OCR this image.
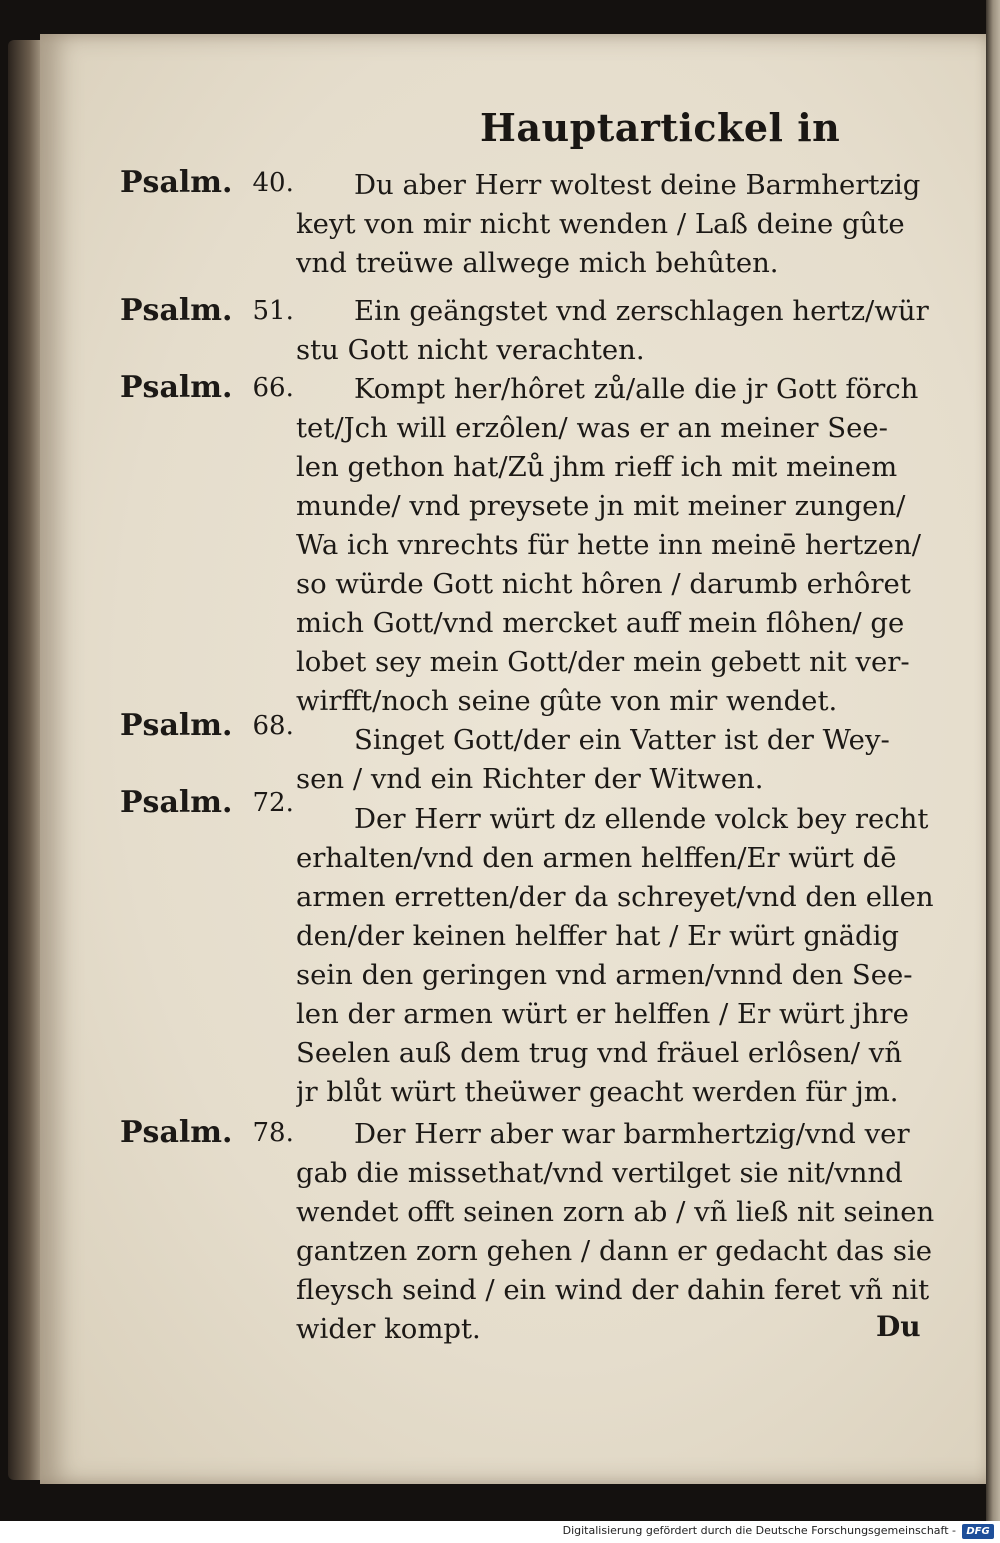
Hauptartickel in
Psalm. 40.	Du aber Herr woltest deine Barmhertzig
keyt von mir nicht wenden / Laß deine gûte
vnd treüwe allwege mich behûten.
Psalm. 51.	Ein geängstet vnd zerschlagen hertz/wür
stu Gott nicht verachten.
Psalm. 66.	Kompt her/hôret zů/alle die jr Gott förch
tet/Jch will erzôlen/ was er an meiner See-
len gethon hat/Zů jhm rieff ich mit meinem
munde/ vnd preysete jn mit meiner zungen/
Wa ich vnrechts für hette inn meinē hertzen/
so würde Gott nicht hôren / darumb erhôret
mich Gott/vnd mercket auff mein flôhen/ ge
lobet sey mein Gott/der mein gebett nit ver-
wirfft/noch seine gûte von mir wendet.
Psalm. 68.	Singet Gott/der ein Vatter ist der Wey-
sen / vnd ein Richter der Witwen.
Psalm. 72.	Der Herr würt dz ellende volck bey recht
erhalten/vnd den armen helffen/Er würt dē
armen erretten/der da schreyet/vnd den ellen
den/der keinen helffer hat / Er würt gnädig
sein den geringen vnd armen/vnnd den See-
len der armen würt er helffen / Er würt jhre
Seelen auß dem trug vnd fräuel erlôsen/ vñ
jr blůt würt theüwer geacht werden für jm.
Psalm. 78.	Der Herr aber war barmhertzig/vnd ver
gab die missethat/vnd vertilget sie nit/vnnd
wendet offt seinen zorn ab / vñ ließ nit seinen
gantzen zorn gehen / dann er gedacht das sie
fleysch seind / ein wind der dahin feret vñ nit
wider kompt.	Du
Digitalisierung gefördert durch die Deutsche Forschungsgemeinschaft -	DFG
